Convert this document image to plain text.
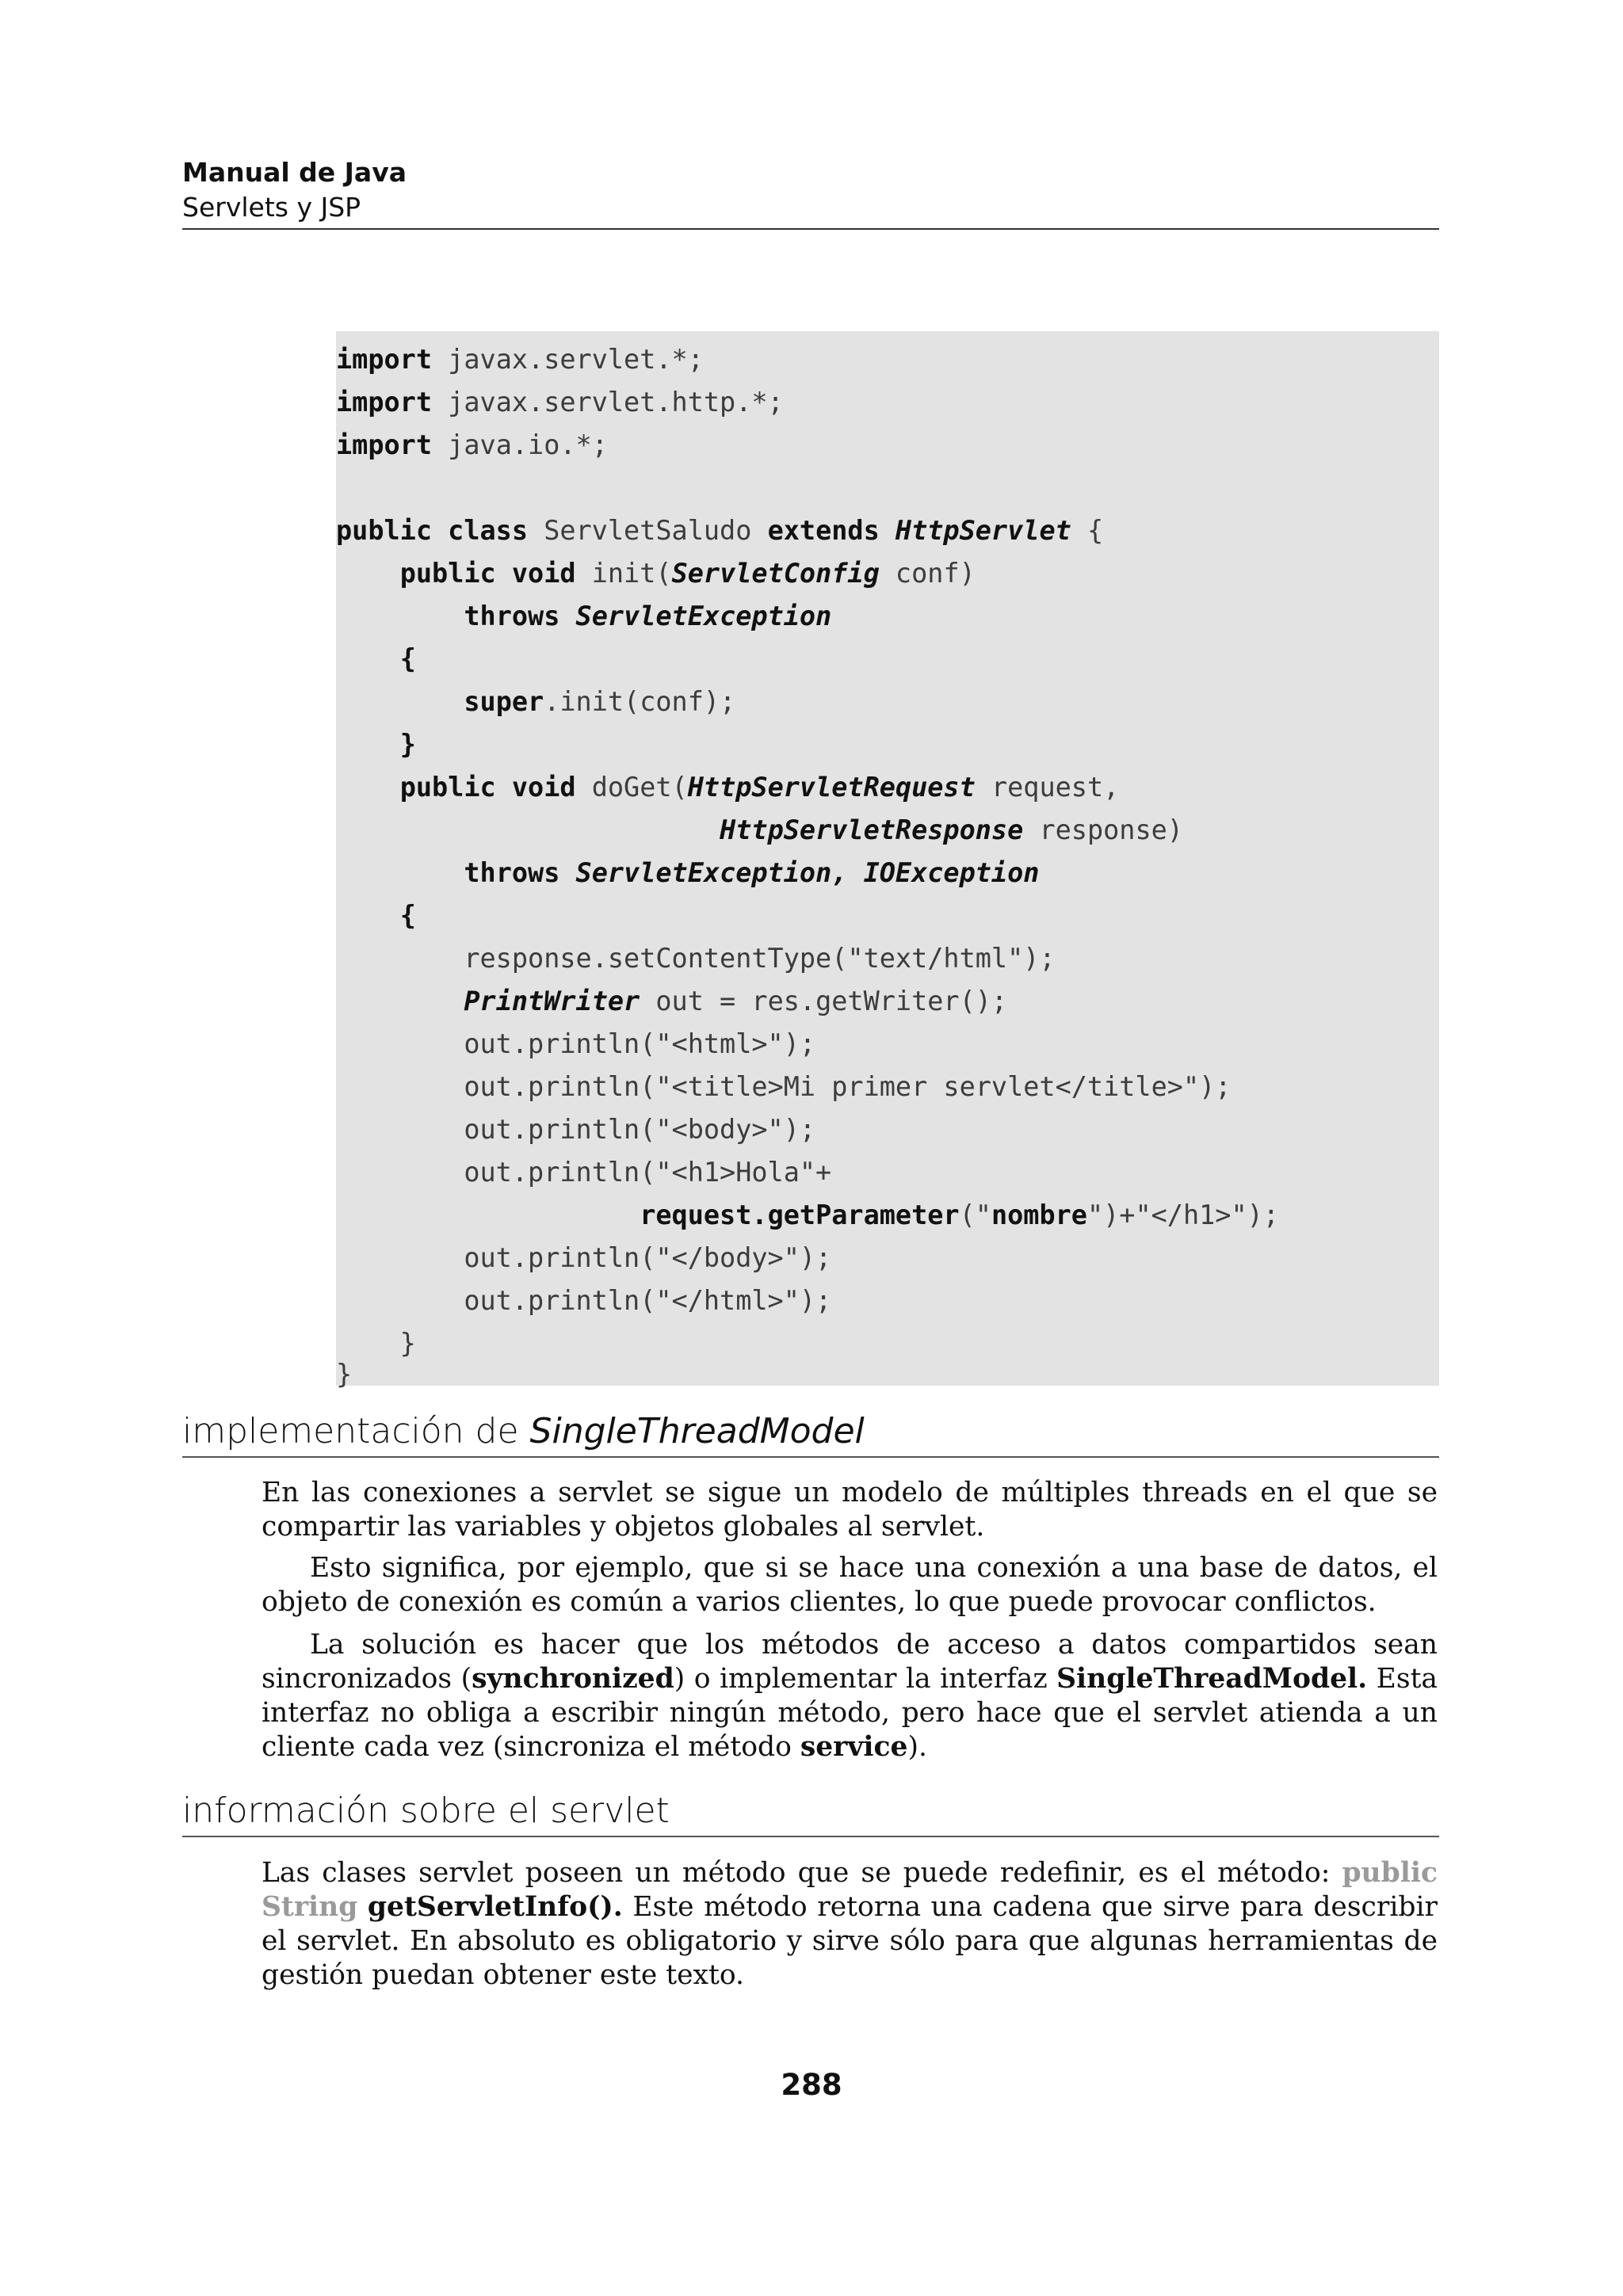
Manual de Java
Servlets y JSP
import javax.servlet.*;
import javax.servlet.http.*;
import java.io.*;
public class ServletSaludo extends HttpServlet {
public void init(ServletConfig conf)
throws ServletException
{
super.init(conf);
}
public void doGet(HttpServletRequest request,
HttpServletResponse response)
throws ServletException, IOException
{
response.setContentType("text/html");
PrintWriter out = res.getWriter();
out.println("<html>");
out.println("<title>Mi primer servlet</title>");
out.println("<body>");
out.println("<h1>Hola"+
request.getParameter("nombre")+"</h1>");
out.println("</body>");
out.println("</html>");
}
}
implementación de SingleThreadModel
En las conexiones a servlet se sigue un modelo de múltiples threads en el que se compartir las variables y objetos globales al servlet.
Esto significa, por ejemplo, que si se hace una conexión a una base de datos, el objeto de conexión es común a varios clientes, lo que puede provocar conflictos.
La solución es hacer que los métodos de acceso a datos compartidos sean sincronizados (synchronized) o implementar la interfaz SingleThreadModel. Esta interfaz no obliga a escribir ningún método, pero hace que el servlet atienda a un cliente cada vez (sincroniza el método service).
información sobre el servlet
Las clases servlet poseen un método que se puede redefinir, es el método: public String getServletInfo(). Este método retorna una cadena que sirve para describir el servlet. En absoluto es obligatorio y sirve sólo para que algunas herramientas de gestión puedan obtener este texto.
288
